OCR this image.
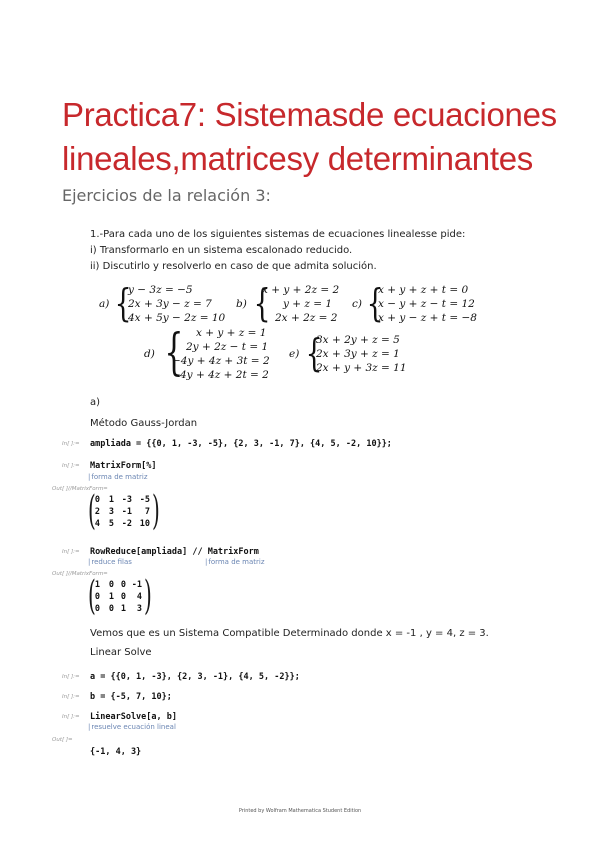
Practica7: Sistemasde ecuaciones
lineales,matricesy determinantes
Ejercicios de la relación 3:
1.-Para cada uno de los siguientes sistemas de ecuaciones linealesse pide:
i) Transformarlo en un sistema escalonado reducido.
ii) Discutirlo y resolverlo en caso de que admita solución.
a) {
y − 3z = −5
2x + 3y − z = 7
4x + 5y − 2z = 10
b) {
x + y + 2z = 2
y + z = 1
2x + 2z = 2
c) {
x + y + z + t = 0
x − y + z − t = 12
x + y − z + t = −8
d) { x + y + z = 1
2y + 2z − t = 1
−4y + 4z + 3t = 2
4y + 4z + 2t = 2
e) {
3x + 2y + z = 5
2x + 3y + z = 1
2x + y + 3z = 11
a)
Método Gauss-Jordan
In[ ]:= ampliada = {{0, 1, -3, -5}, {2, 3, -1, 7}, {4, 5, -2, 10}};
In[ ]:= MatrixForm[%]
| forma de matriz
Out[ ]//MatrixForm=
( 0 1 -3 -5
2 3 -1 7
4 5 -2 10 )
In[ ]:= RowReduce[ampliada] // MatrixForm
| reduce filas
|	forma de matriz
Out[ ]//MatrixForm=
( 1 0 0 -1
0 1 0 4
0 0 1 3 )
Vemos que es un Sistema Compatible Determinado donde x = -1 , y = 4, z = 3.
Linear Solve
In[ ]:= a = {{0, 1, -3}, {2, 3, -1}, {4, 5, -2}};
In[ ]:= b = {-5, 7, 10};
In[ ]:= LinearSolve[a, b]
| resuelve ecuación lineal
Out[ ]=
{-1, 4, 3}
Printed by Wolfram Mathematica Student Edition
